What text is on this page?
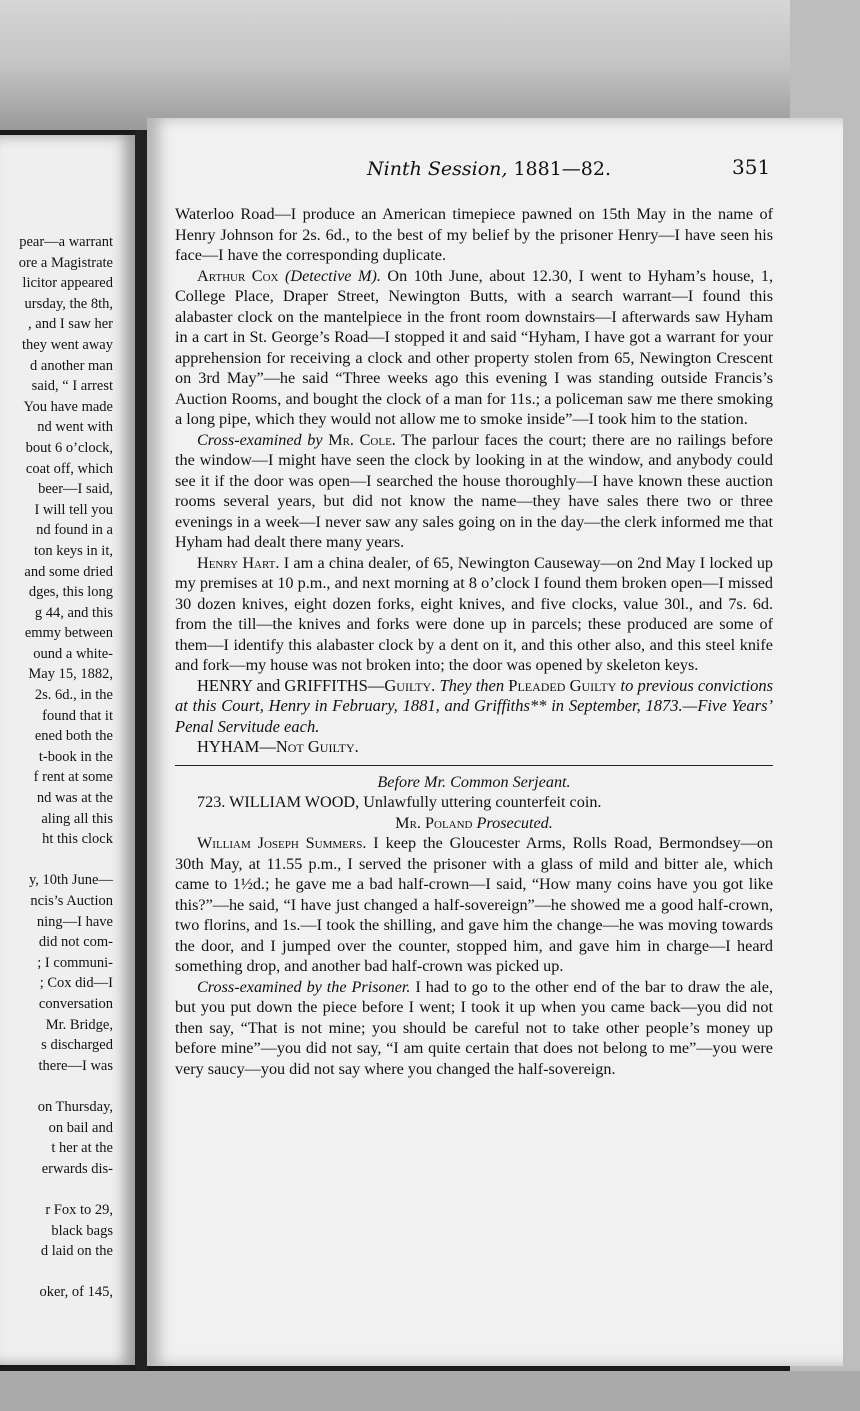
pear—a warrant
ore a Magistrate
licitor appeared
ursday, the 8th,
, and I saw her
they went away
d another man
said, “ I arrest
You have made
nd went with
bout 6 o’clock,
coat off, which
beer—I said,
I will tell you
nd found in a
ton keys in it,
and some dried
dges, this long
g 44, and this
emmy between
ound a white-
May 15, 1882,
2s. 6d., in the
found that it
ened both the
t-book in the
f rent at some
nd was at the
aling all this
ht this clock
y, 10th June—
ncis’s Auction
ning—I have
did not com-
; I communi-
; Cox did—I
conversation
Mr. Bridge,
s discharged
there—I was
on Thursday,
on bail and
t her at the
erwards dis-
r Fox to 29,
black bags
d laid on the
oker, of 145,
Ninth Session, 1881—82.	351

Waterloo Road—I produce an American timepiece pawned on 15th May in the name of Henry Johnson for 2s. 6d., to the best of my belief by the prisoner Henry—I have seen his face—I have the corresponding duplicate.

Arthur Cox (Detective M). On 10th June, about 12.30, I went to Hyham’s house, 1, College Place, Draper Street, Newington Butts, with a search warrant—I found this alabaster clock on the mantelpiece in the front room downstairs—I afterwards saw Hyham in a cart in St. George’s Road—I stopped it and said “Hyham, I have got a warrant for your apprehension for receiving a clock and other property stolen from 65, Newington Crescent on 3rd May”—he said “Three weeks ago this evening I was standing outside Francis’s Auction Rooms, and bought the clock of a man for 11s.; a policeman saw me there smoking a long pipe, which they would not allow me to smoke inside”—I took him to the station.

Cross-examined by Mr. Cole. The parlour faces the court; there are no railings before the window—I might have seen the clock by looking in at the window, and anybody could see it if the door was open—I searched the house thoroughly—I have known these auction rooms several years, but did not know the name—they have sales there two or three evenings in a week—I never saw any sales going on in the day—the clerk informed me that Hyham had dealt there many years.

Henry Hart. I am a china dealer, of 65, Newington Causeway—on 2nd May I locked up my premises at 10 p.m., and next morning at 8 o’clock I found them broken open—I missed 30 dozen knives, eight dozen forks, eight knives, and five clocks, value 30l., and 7s. 6d. from the till—the knives and forks were done up in parcels; these produced are some of them—I identify this alabaster clock by a dent on it, and this other also, and this steel knife and fork—my house was not broken into; the door was opened by skeleton keys.

HENRY and GRIFFITHS—Guilty. They then Pleaded Guilty to previous convictions at this Court, Henry in February, 1881, and Griffiths** in September, 1873.—Five Years’ Penal Servitude each.

HYHAM—Not Guilty.

Before Mr. Common Serjeant.

723. WILLIAM WOOD, Unlawfully uttering counterfeit coin.

Mr. Poland Prosecuted.

William Joseph Summers. I keep the Gloucester Arms, Rolls Road, Bermondsey—on 30th May, at 11.55 p.m., I served the prisoner with a glass of mild and bitter ale, which came to 1½d.; he gave me a bad half-crown—I said, “How many coins have you got like this?”—he said, “I have just changed a half-sovereign”—he showed me a good half-crown, two florins, and 1s.—I took the shilling, and gave him the change—he was moving towards the door, and I jumped over the counter, stopped him, and gave him in charge—I heard something drop, and another bad half-crown was picked up.

Cross-examined by the Prisoner. I had to go to the other end of the bar to draw the ale, but you put down the piece before I went; I took it up when you came back—you did not then say, “That is not mine; you should be careful not to take other people’s money up before mine”—you did not say, “I am quite certain that does not belong to me”—you were very saucy—you did not say where you changed the half-sovereign.
